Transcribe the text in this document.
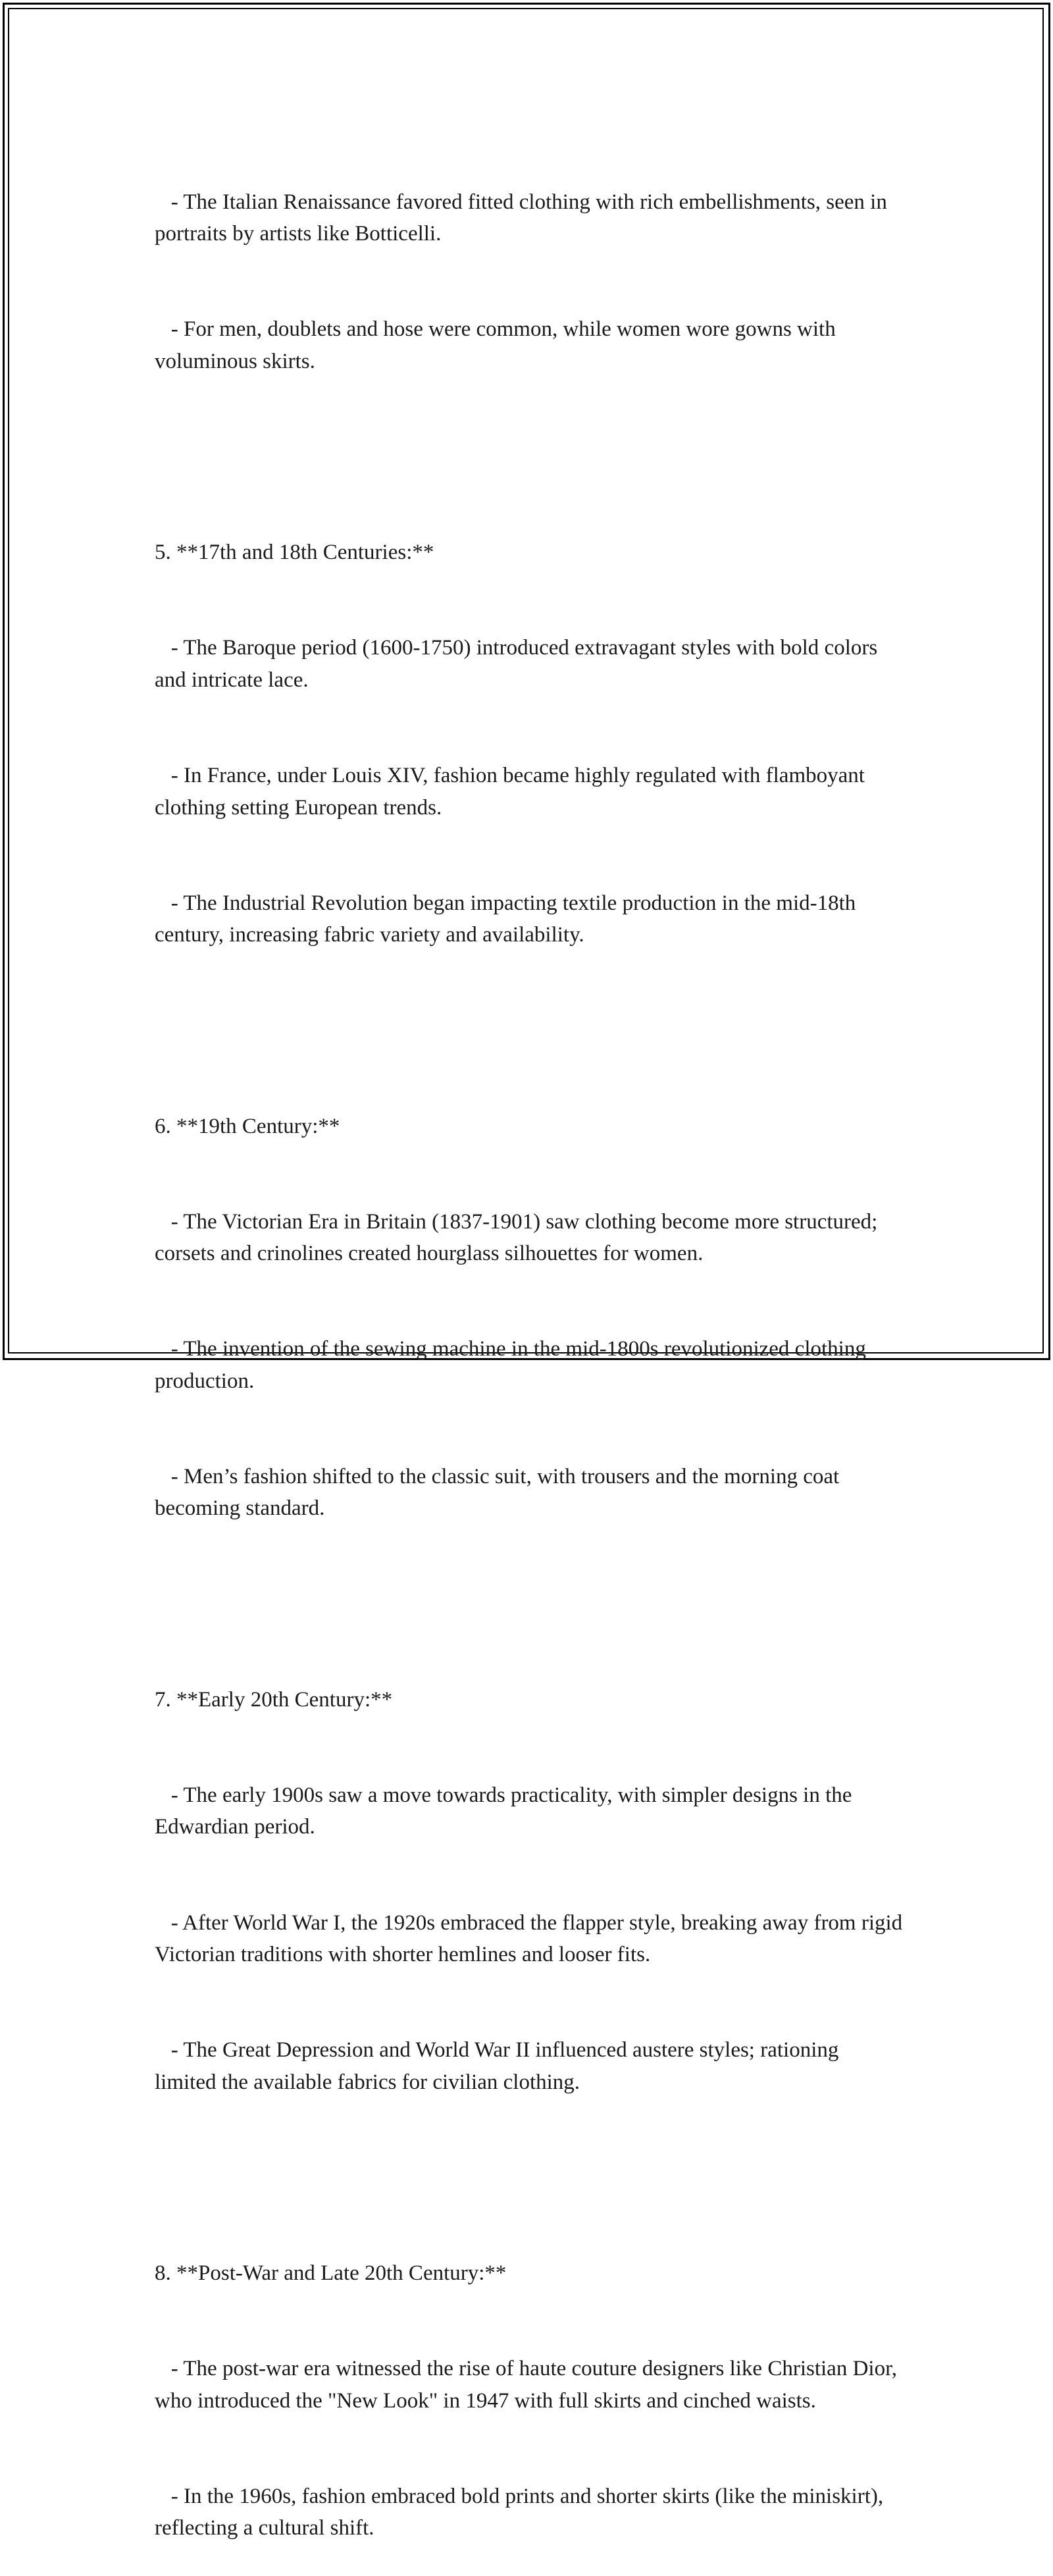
- The Italian Renaissance favored fitted clothing with rich embellishments, seen in portraits by artists like Botticelli.

- For men, doublets and hose were common, while women wore gowns with voluminous skirts.

5. **17th and 18th Centuries:**

- The Baroque period (1600-1750) introduced extravagant styles with bold colors and intricate lace.

- In France, under Louis XIV, fashion became highly regulated with flamboyant clothing setting European trends.

- The Industrial Revolution began impacting textile production in the mid-18th century, increasing fabric variety and availability.

6. **19th Century:**

- The Victorian Era in Britain (1837-1901) saw clothing become more structured; corsets and crinolines created hourglass silhouettes for women.

- The invention of the sewing machine in the mid-1800s revolutionized clothing production.

- Men’s fashion shifted to the classic suit, with trousers and the morning coat becoming standard.

7. **Early 20th Century:**

- The early 1900s saw a move towards practicality, with simpler designs in the Edwardian period.

- After World War I, the 1920s embraced the flapper style, breaking away from rigid Victorian traditions with shorter hemlines and looser fits.

- The Great Depression and World War II influenced austere styles; rationing limited the available fabrics for civilian clothing.

8. **Post-War and Late 20th Century:**

- The post-war era witnessed the rise of haute couture designers like Christian Dior, who introduced the "New Look" in 1947 with full skirts and cinched waists.

- In the 1960s, fashion embraced bold prints and shorter skirts (like the miniskirt), reflecting a cultural shift.
